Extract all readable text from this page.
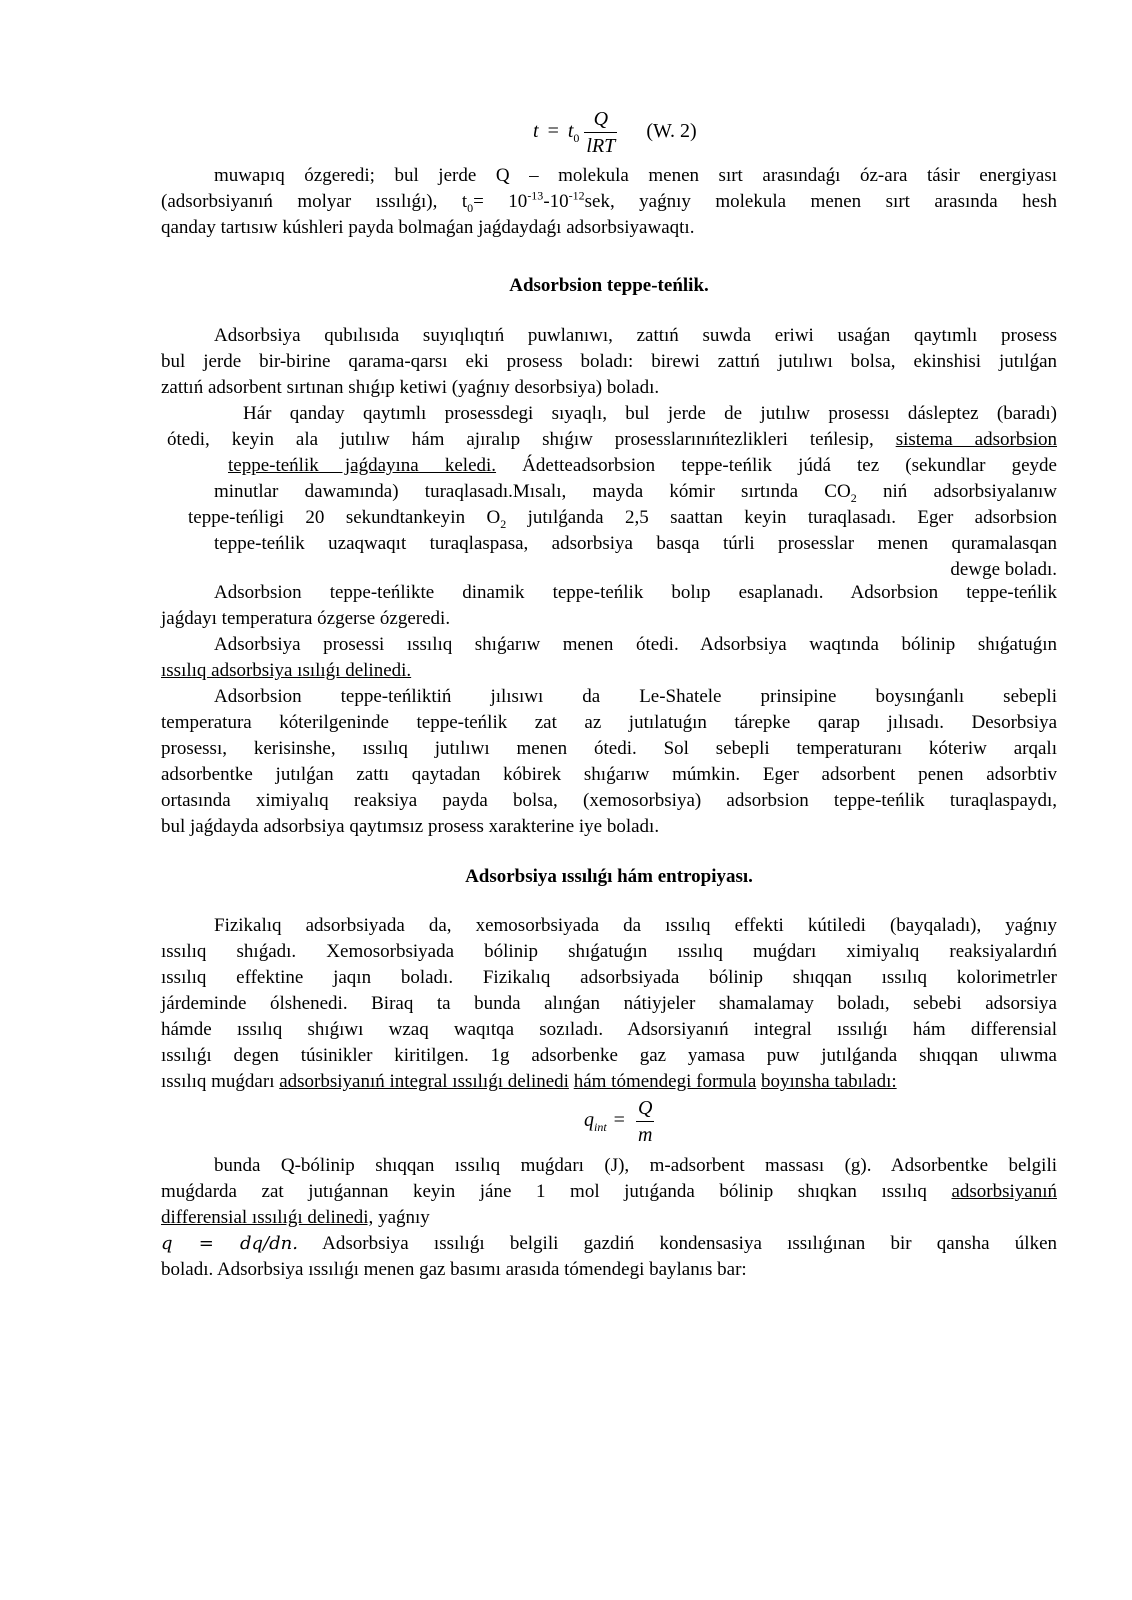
$t = t_0 \frac{Q}{\text{lRT}} (W$. 2)
muwapıq ózgeredi; bul jerde Q – molekula menen sırt arasındaǵı óz-ara tásir energiyası
(adsorbsiyanıń molyar ıssılıǵı), $t_0= 10^{-13}-10^{-12}sek$, yaǵnıy molekula menen sırt arasında hesh
qanday tartısıw kúshleri payda bolmaǵan jaǵdaydaǵı adsorbsiyawaqtı.
Adsorbsion teppe-teńlik.
Adsorbsiya qubılısıda suyıqlıqtıń puwlanıwı, zattıń suwda eriwi usaǵan qaytımlı prosess
bul jerde bir-birine qarama-qarsı eki prosess boladı: birewi zattıń jutılıwı bolsa, ekinshisi jutılǵan
zattıń adsorbent sırtınan shıǵıp ketiwi (yaǵnıy desorbsiya) boladı.
Hár qanday qaytımlı prosessdegi sıyaqlı, bul jerde de jutılıw prosessı dásleptez (baradı)
ótedi, keyin ala jutılıw hám ajıralıp shıǵıw prosesslarınıńtezlikleri teńlesip, sistema adsorbsion
teppe-teńlik jaǵdayına keledi. Ádetteadsorbsion teppe-teńlik júdá tez (sekundlar geyde
minutlar dawamında) turaqlasadı.Mısalı, mayda kómir sırtında $CO_2$ niń adsorbsiyalanıw
teppe-teńligi 20 sekundtankeyin $O_2$ jutılǵanda 2,5 saattan keyin turaqlasadı. Eger adsorbsion
teppe-teńlik uzaqwaqıt turaqlaspasa, adsorbsiya basqa túrli prosesslar menen quramalasqan
dewge boladı.
Adsorbsion teppe-teńlikte dinamik teppe-teńlik bolıp esaplanadı. Adsorbsion teppe-teńlik
jaǵdayı temperatura ózgerse ózgeredi.
Adsorbsiya prosessi ıssılıq shıǵarıw menen ótedi. Adsorbsiya waqtında bólinip shıǵatuǵın
ıssılıq adsorbsiya ısılıǵı delinedi.
Adsorbsion teppe-teńliktiń jılısıwı da Le-Shatele prinsipine boysınǵanlı sebepli
temperatura kóterilgeninde teppe-teńlik zat az jutılatuǵın tárepke qarap jılısadı. Desorbsiya
prosessı, kerisinshe, ıssılıq jutılıwı menen ótedi. Sol sebepli temperaturanı kóteriw arqalı
adsorbentke jutılǵan zattı qaytadan kóbirek shıǵarıw múmkin. Eger adsorbent penen adsorbtiv
ortasında ximiyalıq reaksiya payda bolsa, (xemosorbsiya) adsorbsion teppe-teńlik turaqlaspaydı,
bul jaǵdayda adsorbsiya qaytımsız prosess xarakterine iye boladı.
Adsorbsiya ıssılıǵı hám entropiyası.
Fizikalıq adsorbsiyada da, xemosorbsiyada da ıssılıq effekti kútiledi (bayqaladı), yaǵnıy
ıssılıq shıǵadı. Xemosorbsiyada bólinip shıǵatuǵın ıssılıq muǵdarı ximiyalıq reaksiyalardıń
ıssılıq effektine jaqın boladı. Fizikalıq adsorbsiyada bólinip shıqqan ıssılıq kolorimetrler
járdeminde ólshenedi. Biraq ta bunda alınǵan nátiyjeler shamalamay boladı, sebebi adsorsiya
hámde ıssılıq shıǵıwı wzaq waqıtqa sozıladı. Adsorsiyanıń integral ıssılıǵı hám differensial
ıssılıǵı degen túsinikler kiritilgen. 1g adsorbenke gaz yamasa puw jutılǵanda shıqqan ulıwma
ıssılıq muǵdarı adsorbsiyanıń integral ıssılıǵı delinedi hám tómendegi formula boyınsha tabıladı:
$q_{int} = \frac{Q}{m}$
bunda Q-bólinip shıqqan ıssılıq muǵdarı (J), m-adsorbent massası (g). Adsorbentke belgili
muǵdarda zat jutıǵannan keyin jáne 1 mol jutıǵanda bólinip shıqkan ıssılıq adsorbsiyanıń
differensial ıssılıǵı delinedi, yaǵnıy
q = dq/dn. Adsorbsiya ıssılıǵı belgili gazdiń kondensasiya ıssılıǵınan bir qansha úlken
boladı. Adsorbsiya ıssılıǵı menen gaz basımı arasıda tómendegi baylanıs bar:
